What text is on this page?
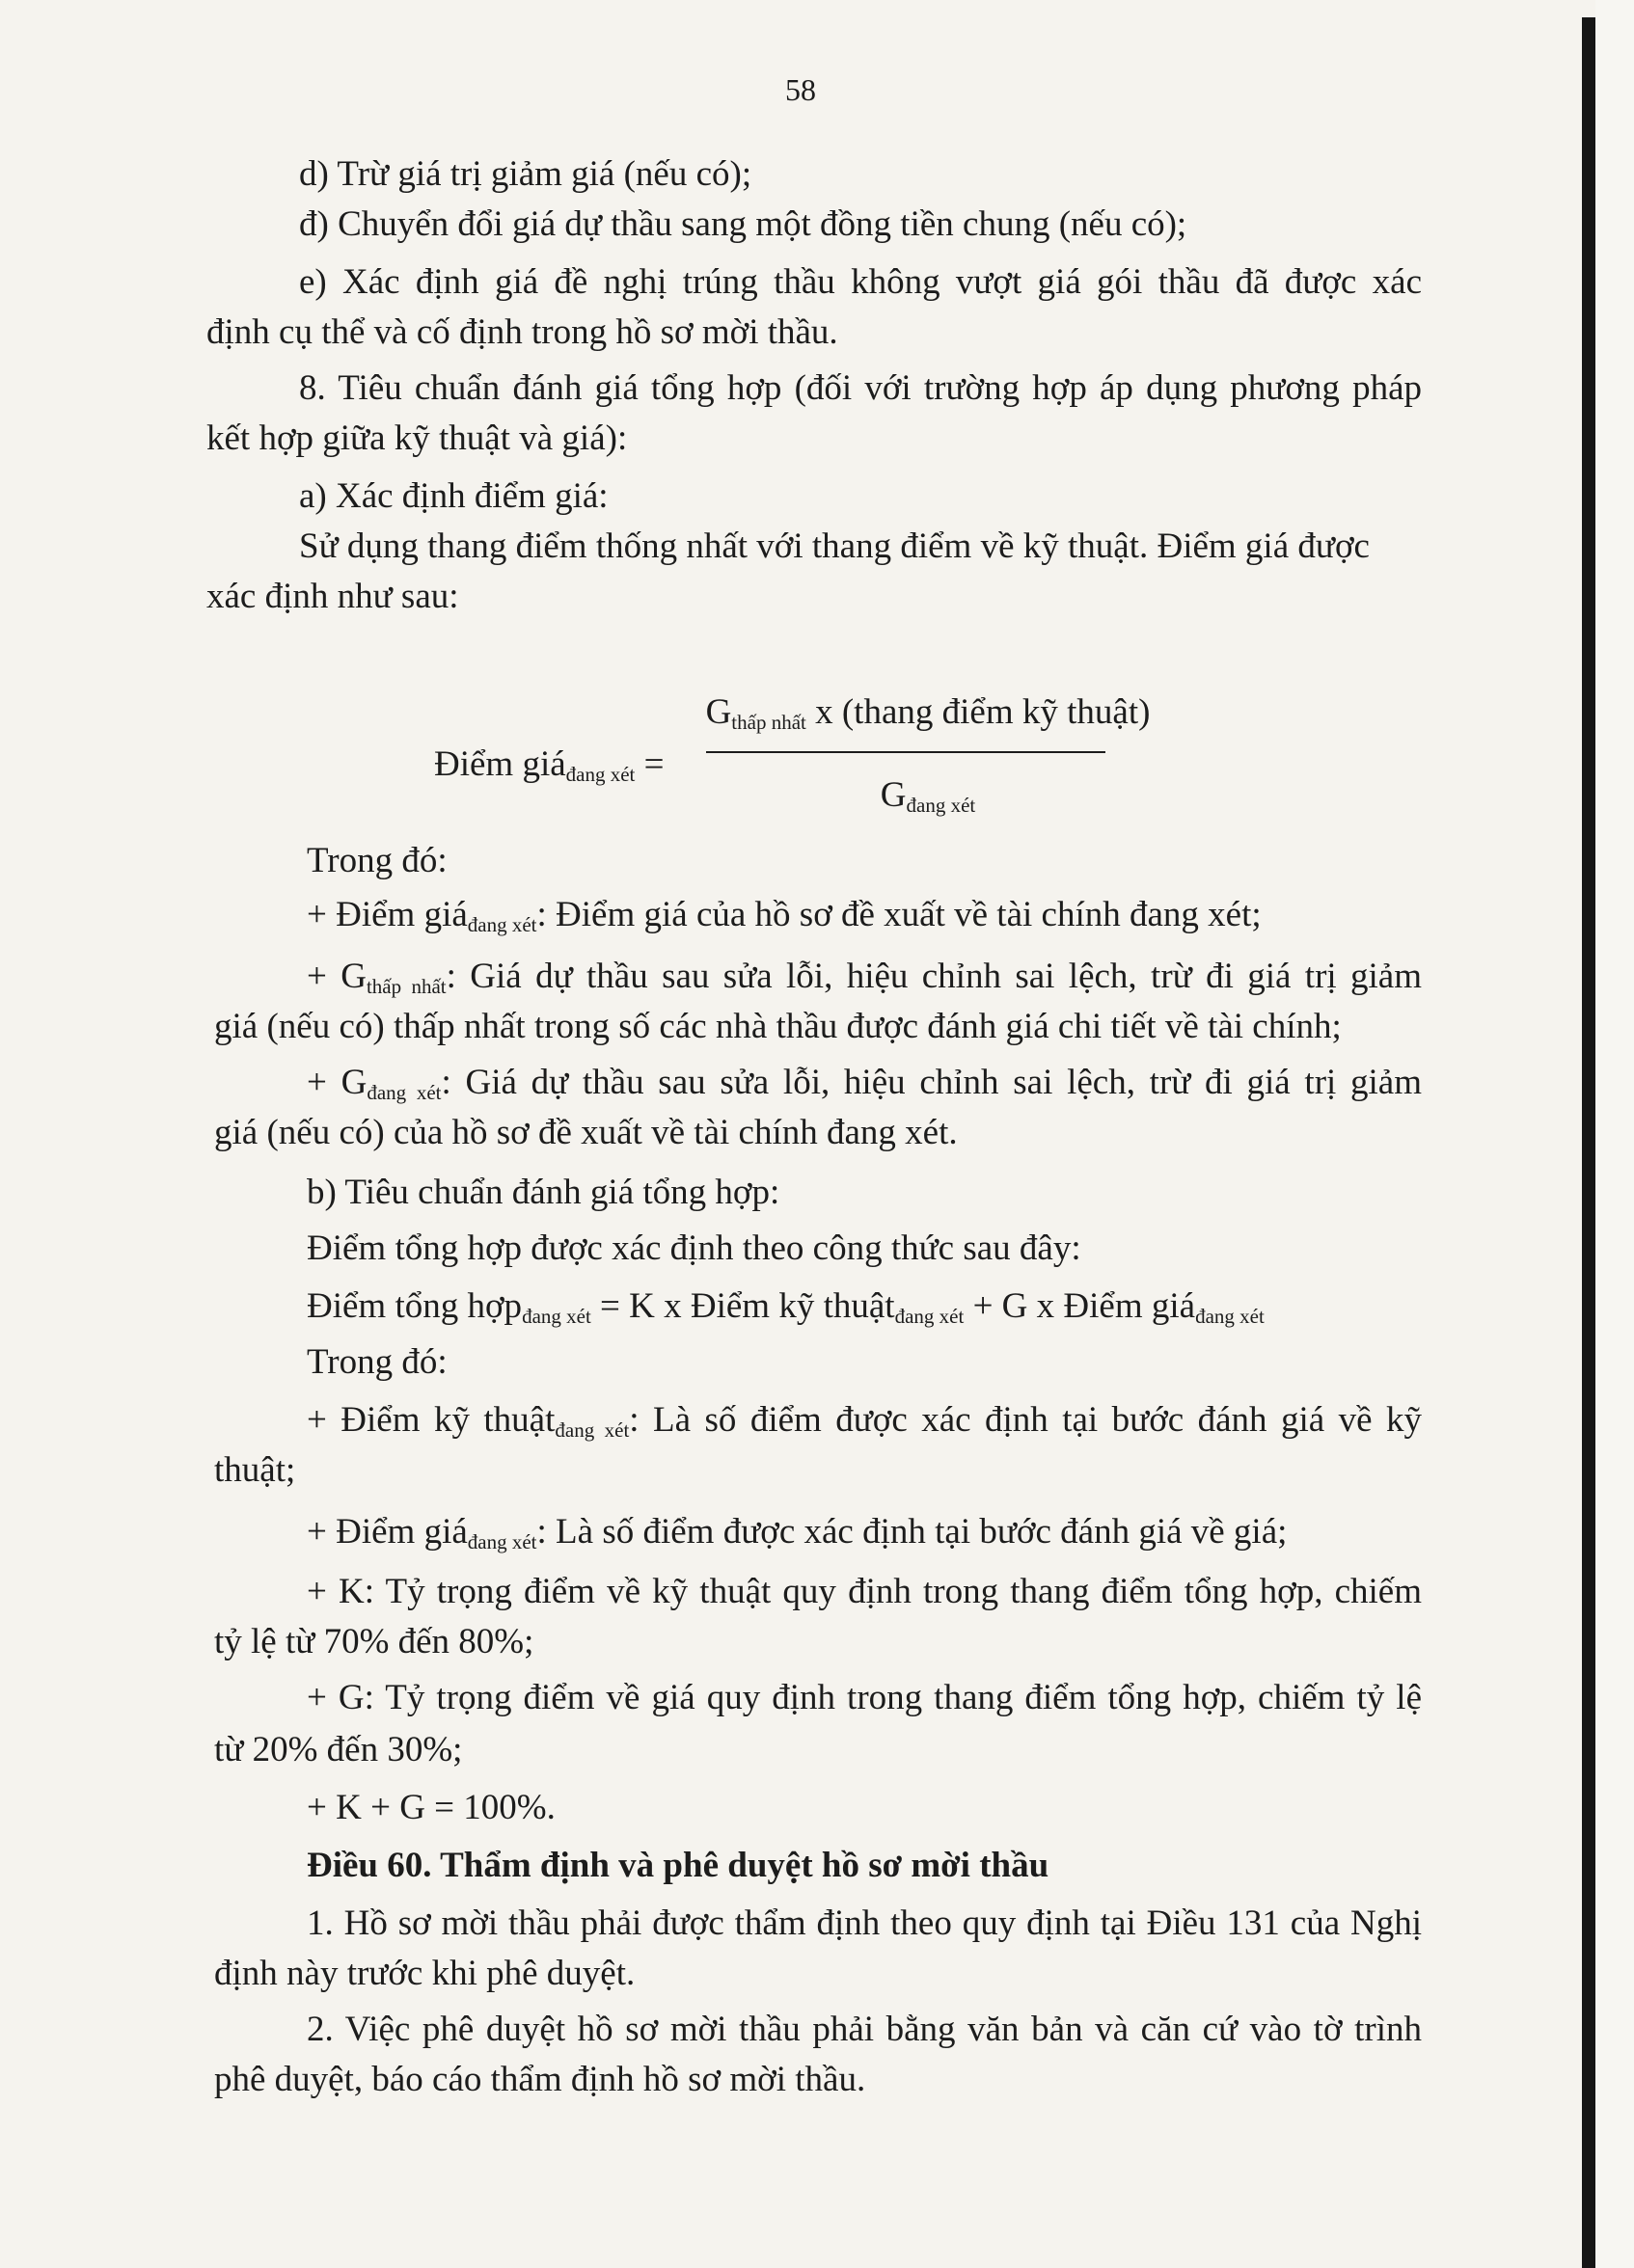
58

d) Trừ giá trị giảm giá (nếu có);

đ) Chuyển đổi giá dự thầu sang một đồng tiền chung (nếu có);

e) Xác định giá đề nghị trúng thầu không vượt giá gói thầu đã được xác

định cụ thể và cố định trong hồ sơ mời thầu.

8. Tiêu chuẩn đánh giá tổng hợp (đối với trường hợp áp dụng phương pháp

kết hợp giữa kỹ thuật và giá):

a) Xác định điểm giá:

Sử dụng thang điểm thống nhất với thang điểm về kỹ thuật. Điểm giá được

xác định như sau:

Điểm giá$_{đang xét}$ =
$G_{thấp nhất}$ x (thang điểm kỹ thuật)
$G_{đang xét}$

Trong đó:

+ Điểm giá$_{đang xét}$: Điểm giá của hồ sơ đề xuất về tài chính đang xét;

+ $G_{thấp nhất}$: Giá dự thầu sau sửa lỗi, hiệu chỉnh sai lệch, trừ đi giá trị giảm

giá (nếu có) thấp nhất trong số các nhà thầu được đánh giá chi tiết về tài chính;

+ $G_{đang xét}$: Giá dự thầu sau sửa lỗi, hiệu chỉnh sai lệch, trừ đi giá trị giảm

giá (nếu có) của hồ sơ đề xuất về tài chính đang xét.

b) Tiêu chuẩn đánh giá tổng hợp:

Điểm tổng hợp được xác định theo công thức sau đây:

Điểm tổng hợp$_{đang xét}$ = K x Điểm kỹ thuật$_{đang xét}$ + G x Điểm giá$_{đang xét}$

Trong đó:

+ Điểm kỹ thuật$_{đang xét}$: Là số điểm được xác định tại bước đánh giá về kỹ

thuật;

+ Điểm giá$_{đang xét}$: Là số điểm được xác định tại bước đánh giá về giá;

+ K: Tỷ trọng điểm về kỹ thuật quy định trong thang điểm tổng hợp, chiếm

tỷ lệ từ 70% đến 80%;

+ G: Tỷ trọng điểm về giá quy định trong thang điểm tổng hợp, chiếm tỷ lệ

từ 20% đến 30%;

+ K + G = 100%.

Điều 60. Thẩm định và phê duyệt hồ sơ mời thầu

1. Hồ sơ mời thầu phải được thẩm định theo quy định tại Điều 131 của Nghị

định này trước khi phê duyệt.

2. Việc phê duyệt hồ sơ mời thầu phải bằng văn bản và căn cứ vào tờ trình

phê duyệt, báo cáo thẩm định hồ sơ mời thầu.
